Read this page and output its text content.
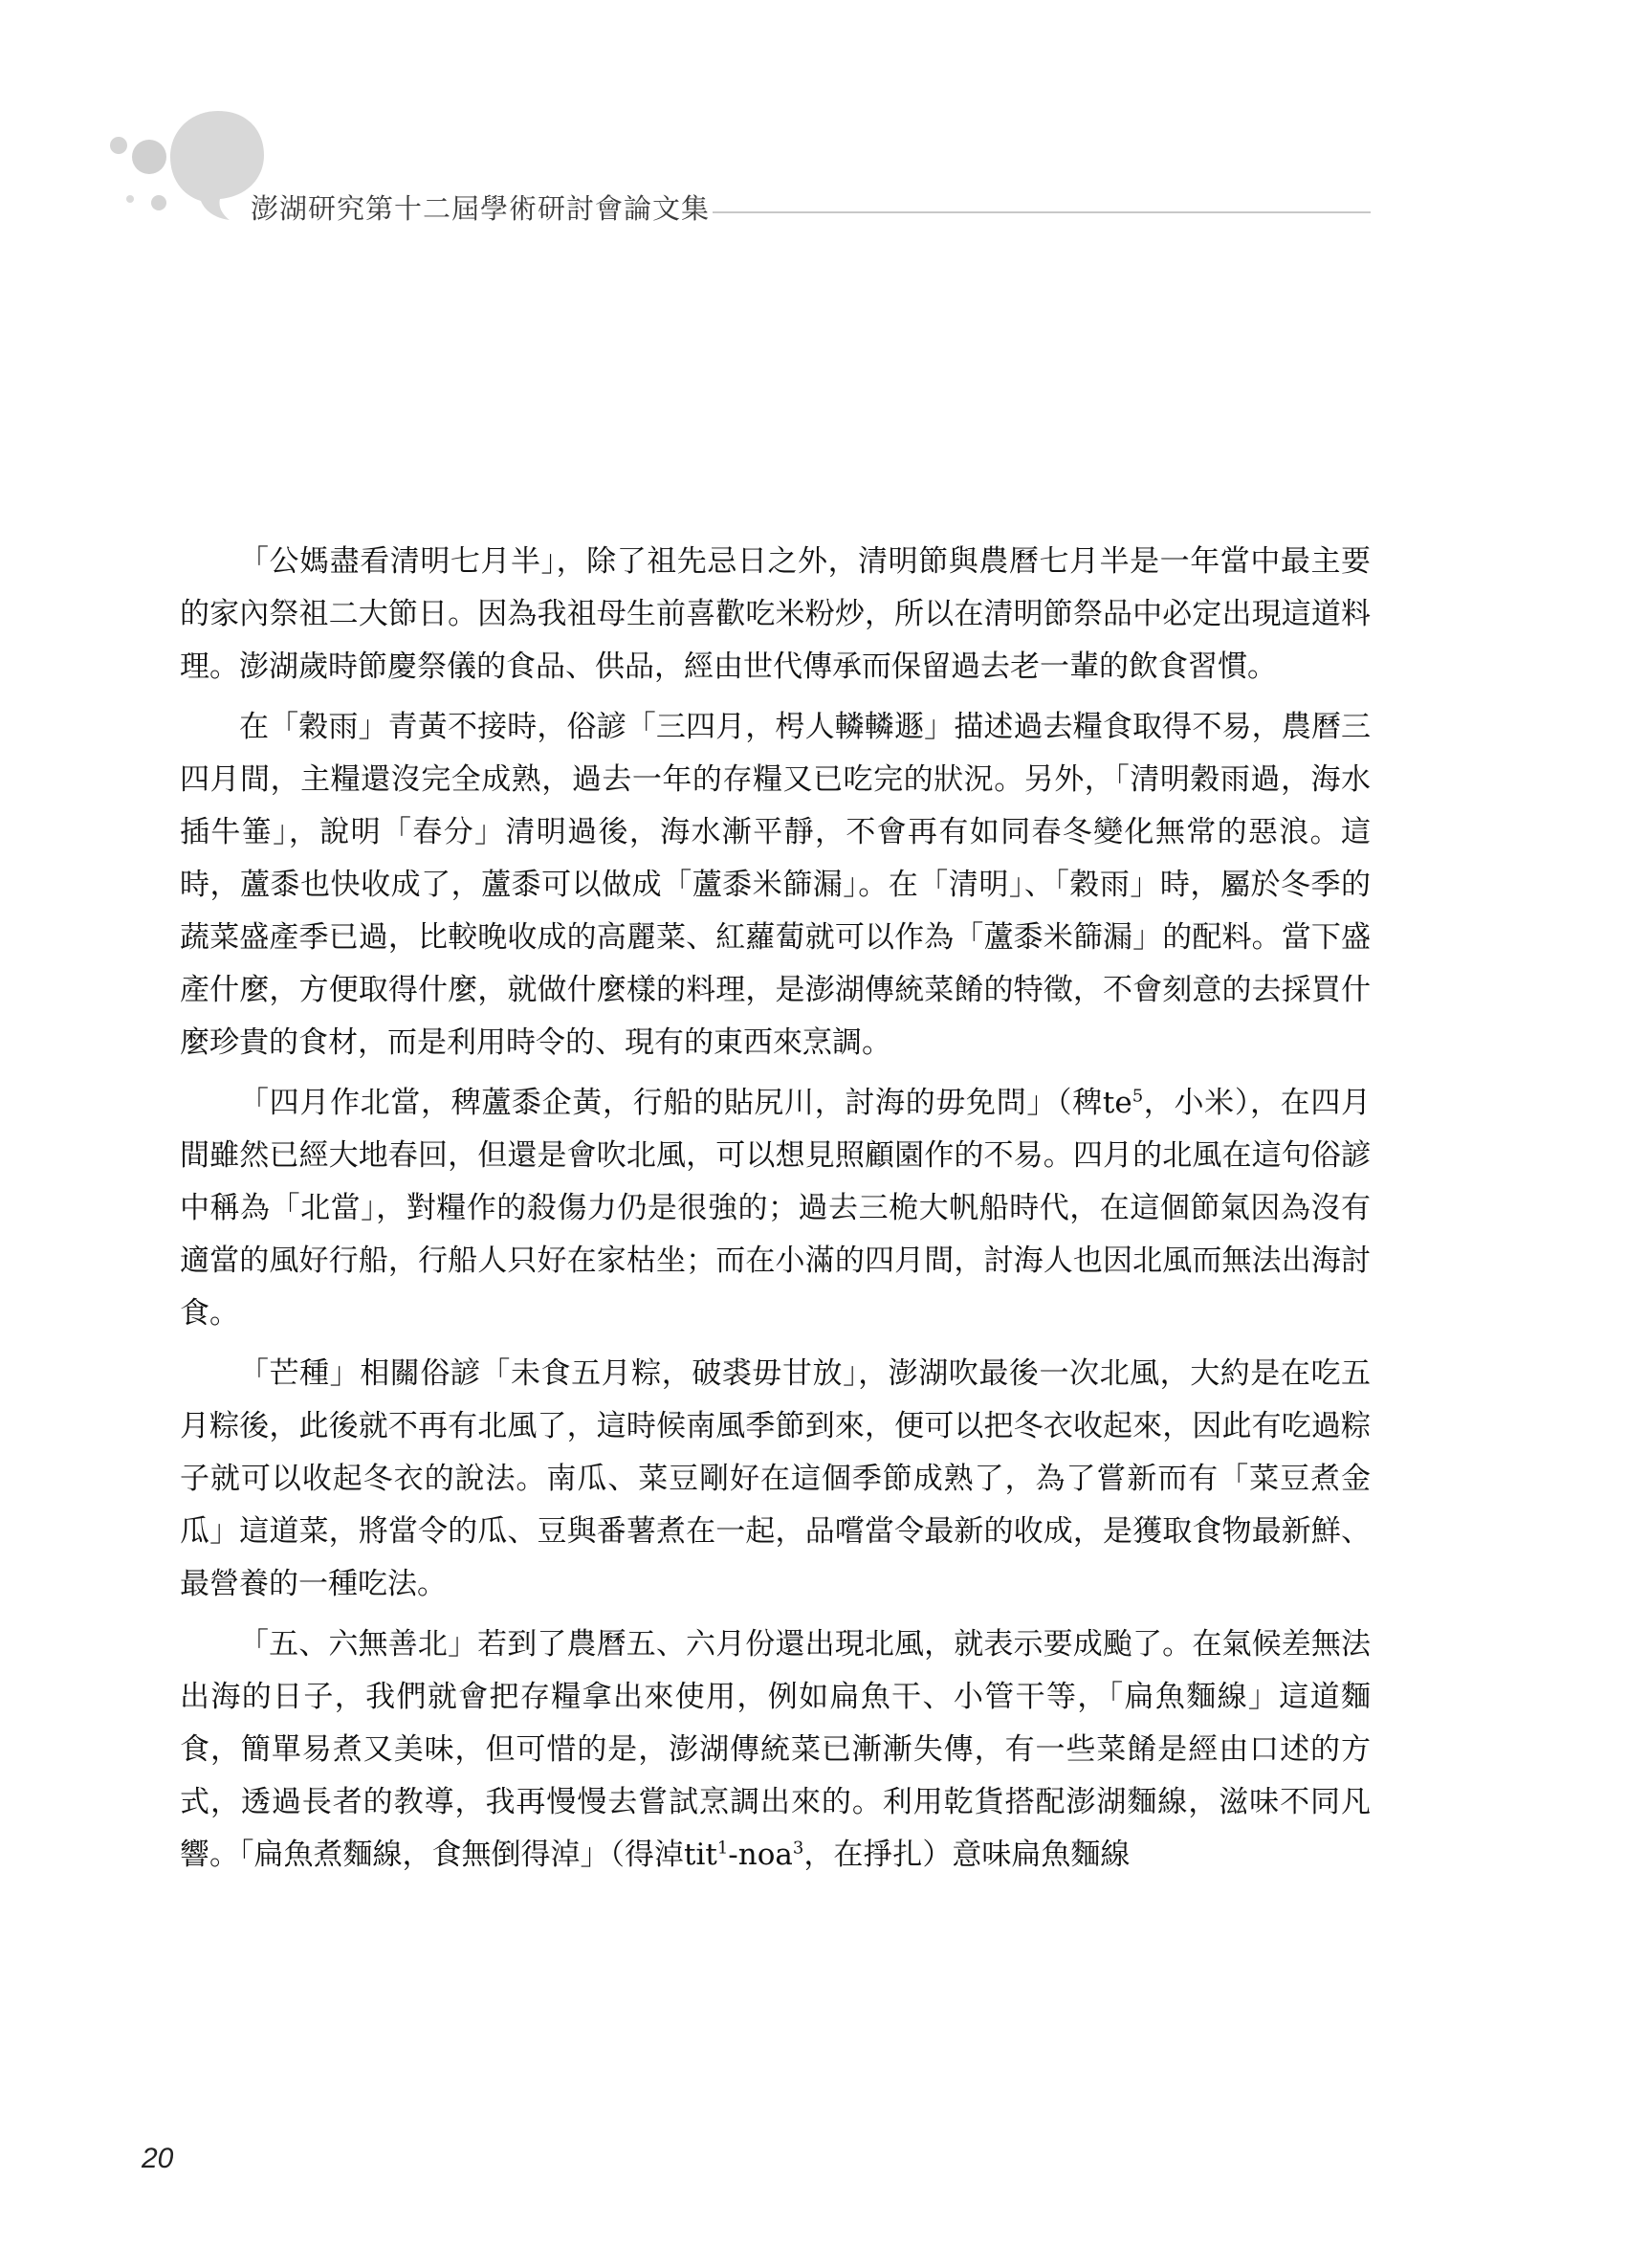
澎湖研究第十二屆學術研討會論文集

「公媽盡看清明七月半」，除了祖先忌日之外，清明節與農曆七月半是一年當中最主要的家內祭祖二大節日。因為我祖母生前喜歡吃米粉炒，所以在清明節祭品中必定出現這道料理。澎湖歲時節慶祭儀的食品、供品，經由世代傳承而保留過去老一輩的飲食習慣。

在「穀雨」青黃不接時，俗諺「三四月，枵人轔轔遯」描述過去糧食取得不易，農曆三四月間，主糧還沒完全成熟，過去一年的存糧又已吃完的狀況。另外，「清明穀雨過，海水插牛箠」，說明「春分」清明過後，海水漸平靜，不會再有如同春冬變化無常的惡浪。這時，蘆黍也快收成了，蘆黍可以做成「蘆黍米篩漏」。在「清明」、「穀雨」時，屬於冬季的蔬菜盛產季已過，比較晚收成的高麗菜、紅蘿蔔就可以作為「蘆黍米篩漏」的配料。當下盛產什麼，方便取得什麼，就做什麼樣的料理，是澎湖傳統菜餚的特徵，不會刻意的去採買什麼珍貴的食材，而是利用時令的、現有的東西來烹調。

「四月作北當，稗蘆黍企黃，行船的貼尻川，討海的毋免問」（稗$te^5$，小米），在四月間雖然已經大地春回，但還是會吹北風，可以想見照顧園作的不易。四月的北風在這句俗諺中稱為「北當」，對糧作的殺傷力仍是很強的；過去三桅大帆船時代，在這個節氣因為沒有適當的風好行船，行船人只好在家枯坐；而在小滿的四月間，討海人也因北風而無法出海討食。

「芒種」相關俗諺「未食五月粽，破裘毋甘放」，澎湖吹最後一次北風，大約是在吃五月粽後，此後就不再有北風了，這時候南風季節到來，便可以把冬衣收起來，因此有吃過粽子就可以收起冬衣的說法。南瓜、菜豆剛好在這個季節成熟了，為了嘗新而有「菜豆煮金瓜」這道菜，將當令的瓜、豆與番薯煮在一起，品嚐當令最新的收成，是獲取食物最新鮮、最營養的一種吃法。

「五、六無善北」若到了農曆五、六月份還出現北風，就表示要成颱了。在氣候差無法出海的日子，我們就會把存糧拿出來使用，例如扁魚干、小管干等，「扁魚麵線」這道麵食，簡單易煮又美味，但可惜的是，澎湖傳統菜已漸漸失傳，有一些菜餚是經由口述的方式，透過長者的教導，我再慢慢去嘗試烹調出來的。利用乾貨搭配澎湖麵線，滋味不同凡響。「扁魚煮麵線，食無倒得淖」（得淖tit$^1$-noa$^3$，在掙扎）意味扁魚麵線

20
